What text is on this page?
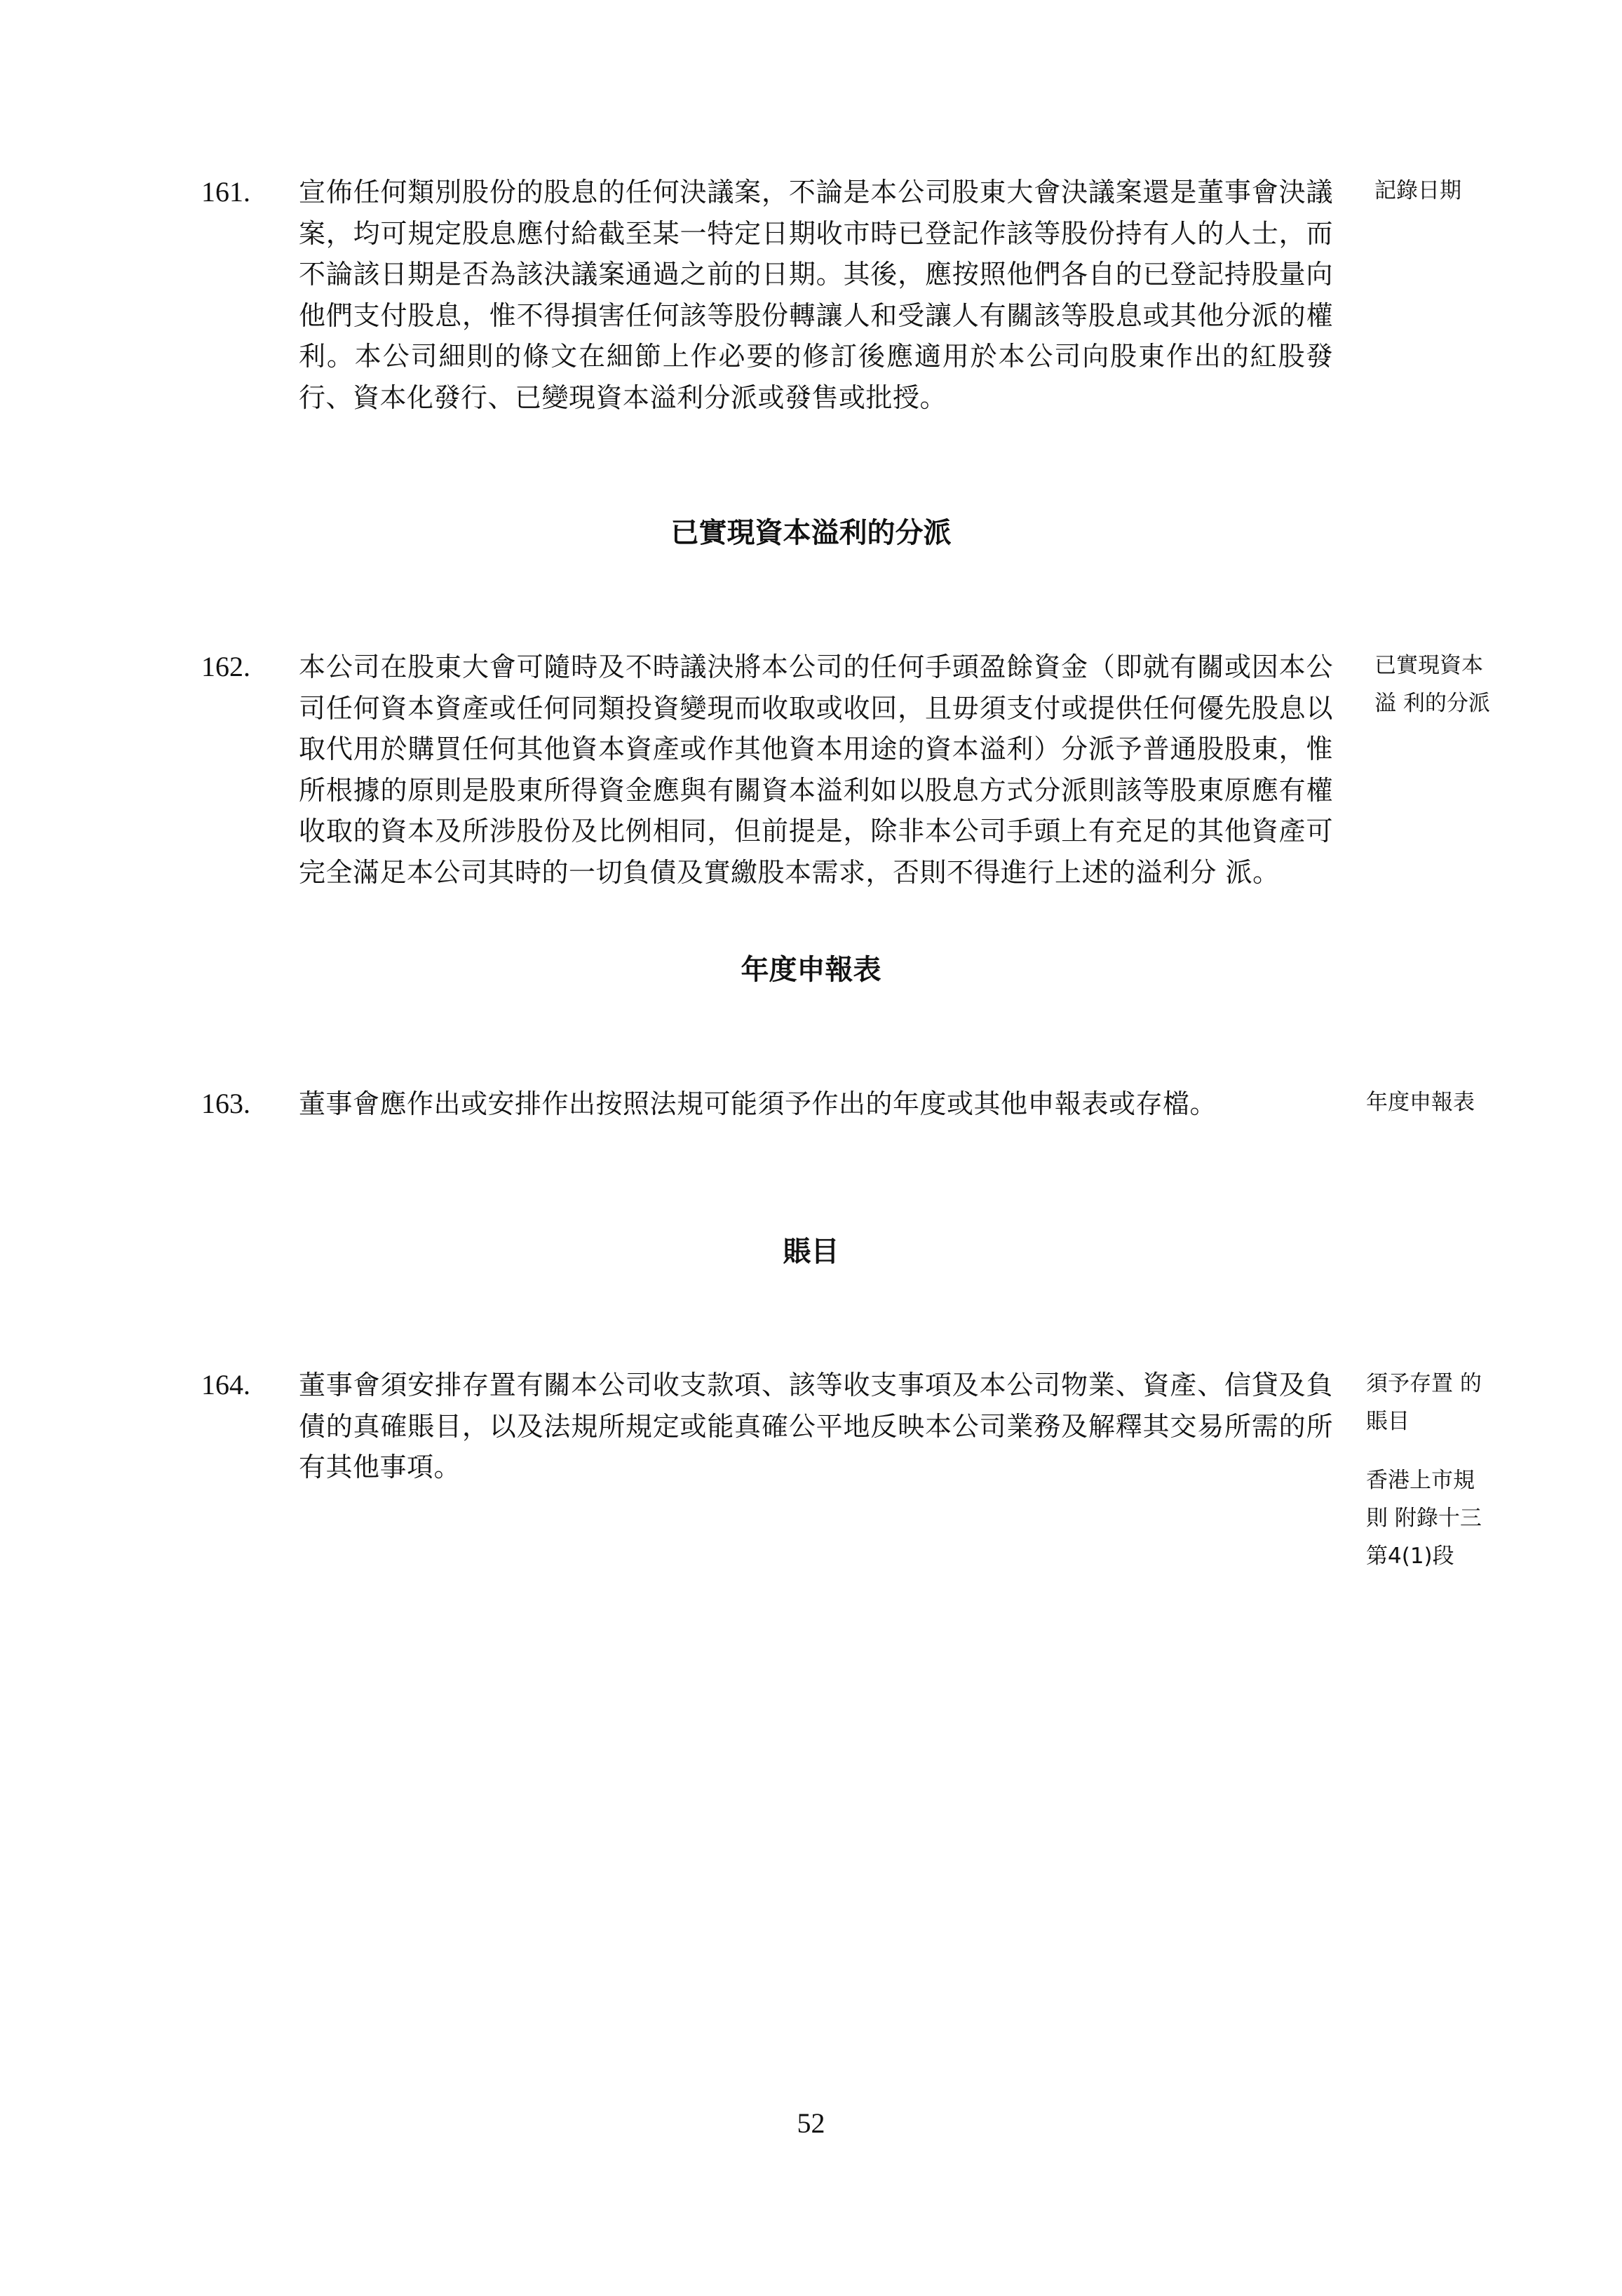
161. 宣佈任何類別股份的股息的任何決議案，不論是本公司股東大會決議案還是董事會決議案，均可規定股息應付給截至某一特定日期收市時已登記作該等股份持有人的人士，而不論該日期是否為該決議案通過之前的日期。其後，應按照他們各自的已登記持股量向他們支付股息，惟不得損害任何該等股份轉讓人和受讓人有關該等股息或其他分派的權利。本公司細則的條文在細節上作必要的修訂後應適用於本公司向股東作出的紅股發行、資本化發行、已變現資本溢利分派或發售或批授。
記錄日期
已實現資本溢利的分派
162. 本公司在股東大會可隨時及不時議決將本公司的任何手頭盈餘資金（即就有關或因本公司任何資本資產或任何同類投資變現而收取或收回，且毋須支付或提供任何優先股息以取代用於購買任何其他資本資產或作其他資本用途的資本溢利）分派予普通股股東，惟所根據的原則是股東所得資金應與有關資本溢利如以股息方式分派則該等股東原應有權收取的資本及所涉股份及比例相同，但前提是，除非本公司手頭上有充足的其他資產可完全滿足本公司其時的一切負債及實繳股本需求，否則不得進行上述的溢利分 派。
已實現資本
溢 利的分派
年度申報表
163. 董事會應作出或安排作出按照法規可能須予作出的年度或其他申報表或存檔。	年度申報表
賬目
164. 董事會須安排存置有關本公司收支款項、該等收支事項及本公司物業、資產、信貸及負債的真確賬目，以及法規所規定或能真確公平地反映本公司業務及解釋其交易所需的所有其他事項。
須予存置 的
賬目
香港上市規
則 附錄十三
第4(1)段
52
